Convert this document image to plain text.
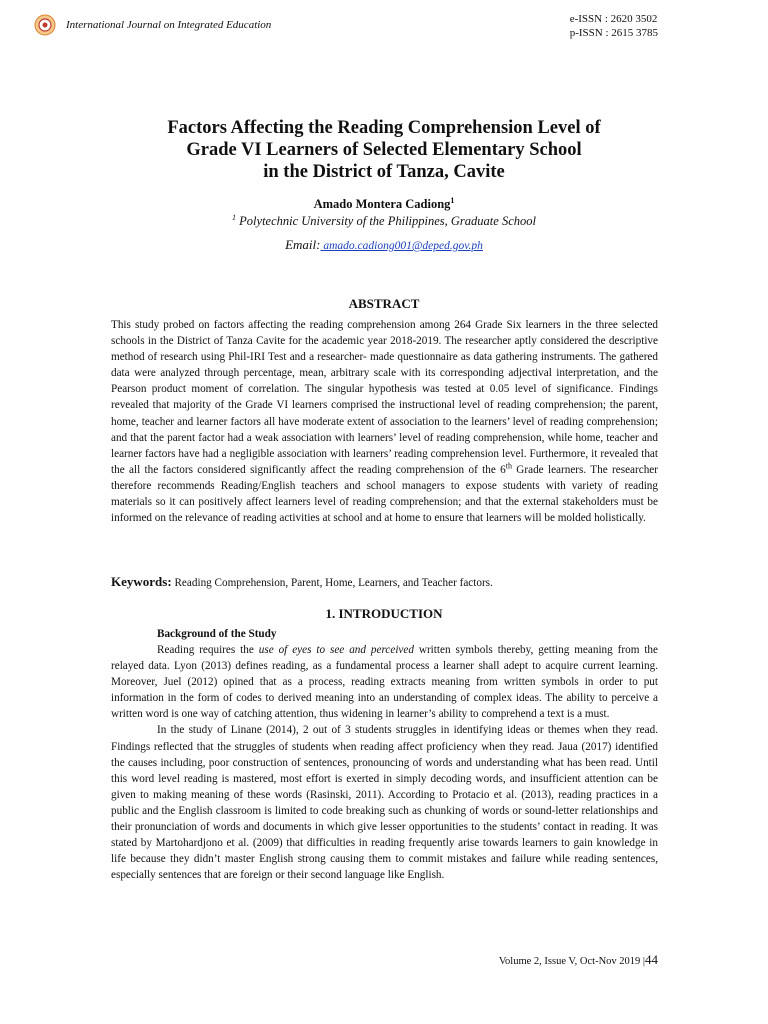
International Journal on Integrated Education	e-ISSN : 2620 3502
p-ISSN : 2615 3785
Factors Affecting the Reading Comprehension Level of
Grade VI Learners of Selected Elementary School
in the District of Tanza, Cavite
Amado Montera Cadiong$^1$
$^1$ Polytechnic University of the Philippines, Graduate School
Email: amado.cadiong001@deped.gov.ph
ABSTRACT
This study probed on factors affecting the reading comprehension among 264 Grade Six learners in the three selected schools in the District of Tanza Cavite for the academic year 2018-2019. The researcher aptly considered the descriptive method of research using Phil-IRI Test and a researcher- made questionnaire as data gathering instruments. The gathered data were analyzed through percentage, mean, arbitrary scale with its corresponding adjectival interpretation, and the Pearson product moment of correlation. The singular hypothesis was tested at 0.05 level of significance. Findings revealed that majority of the Grade VI learners comprised the instructional level of reading comprehension; the parent, home, teacher and learner factors all have moderate extent of association to the learners’ level of reading comprehension; and that the parent factor had a weak association with learners’ level of reading comprehension, while home, teacher and learner factors have had a negligible association with learners’ reading comprehension level. Furthermore, it revealed that the all the factors considered significantly affect the reading comprehension of the 6th Grade learners. The researcher therefore recommends Reading/English teachers and school managers to expose students with variety of reading materials so it can positively affect learners level of reading comprehension; and that the external stakeholders must be informed on the relevance of reading activities at school and at home to ensure that learners will be molded holistically.
Keywords: Reading Comprehension, Parent, Home, Learners, and Teacher factors.
1. INTRODUCTION
Background of the Study

Reading requires the use of eyes to see and perceived written symbols thereby, getting meaning from the relayed data. Lyon (2013) defines reading, as a fundamental process a learner shall adept to acquire current learning. Moreover, Juel (2012) opined that as a process, reading extracts meaning from written symbols in order to put information in the form of codes to derived meaning into an understanding of complex ideas. The ability to perceive a written word is one way of catching attention, thus widening in learner’s ability to comprehend a text is a must.

In the study of Linane (2014), 2 out of 3 students struggles in identifying ideas or themes when they read. Findings reflected that the struggles of students when reading affect proficiency when they read. Jaua (2017) identified the causes including, poor construction of sentences, pronouncing of words and understanding what has been read. Until this word level reading is mastered, most effort is exerted in simply decoding words, and insufficient attention can be given to making meaning of these words (Rasinski, 2011). According to Protacio et al. (2013), reading practices in a public and the English classroom is limited to code breaking such as chunking of words or sound-letter relationships and their pronunciation of words and documents in which give lesser opportunities to the students’ contact in reading. It was stated by Martohardjono et al. (2009) that difficulties in reading frequently arise towards learners to gain knowledge in life because they didn’t master English strong causing them to commit mistakes and failure while reading sentences, especially sentences that are foreign or their second language like English.

Volume 2, Issue V, Oct-Nov 2019 |44
